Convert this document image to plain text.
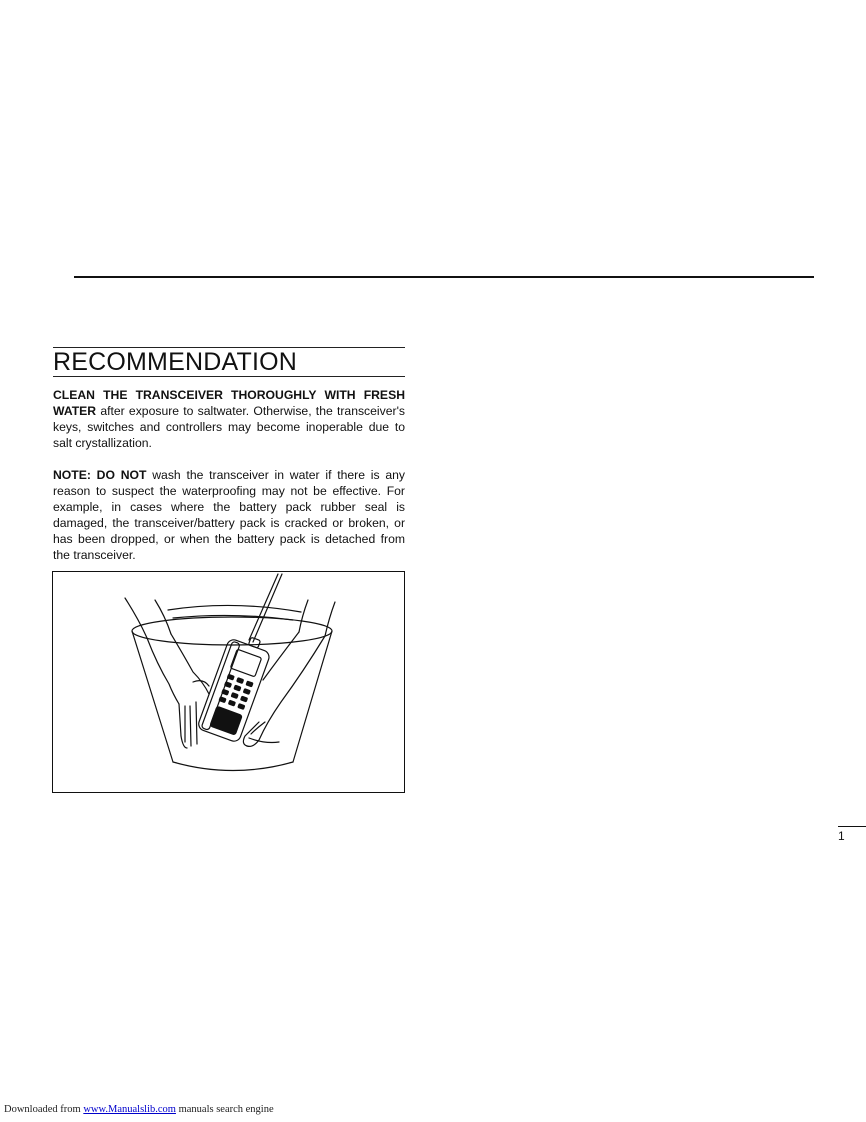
RECOMMENDATION

CLEAN THE TRANSCEIVER THOROUGHLY WITH FRESH WATER after exposure to saltwater. Otherwise, the transceiver's keys, switches and controllers may become inoperable due to salt crystallization.

NOTE: DO NOT wash the transceiver in water if there is any reason to suspect the waterproofing may not be effective. For example, in cases where the battery pack rubber seal is damaged, the transceiver/battery pack is cracked or broken, or has been dropped, or when the battery pack is detached from the transceiver.

1
Downloaded from www.Manualslib.com manuals search engine
